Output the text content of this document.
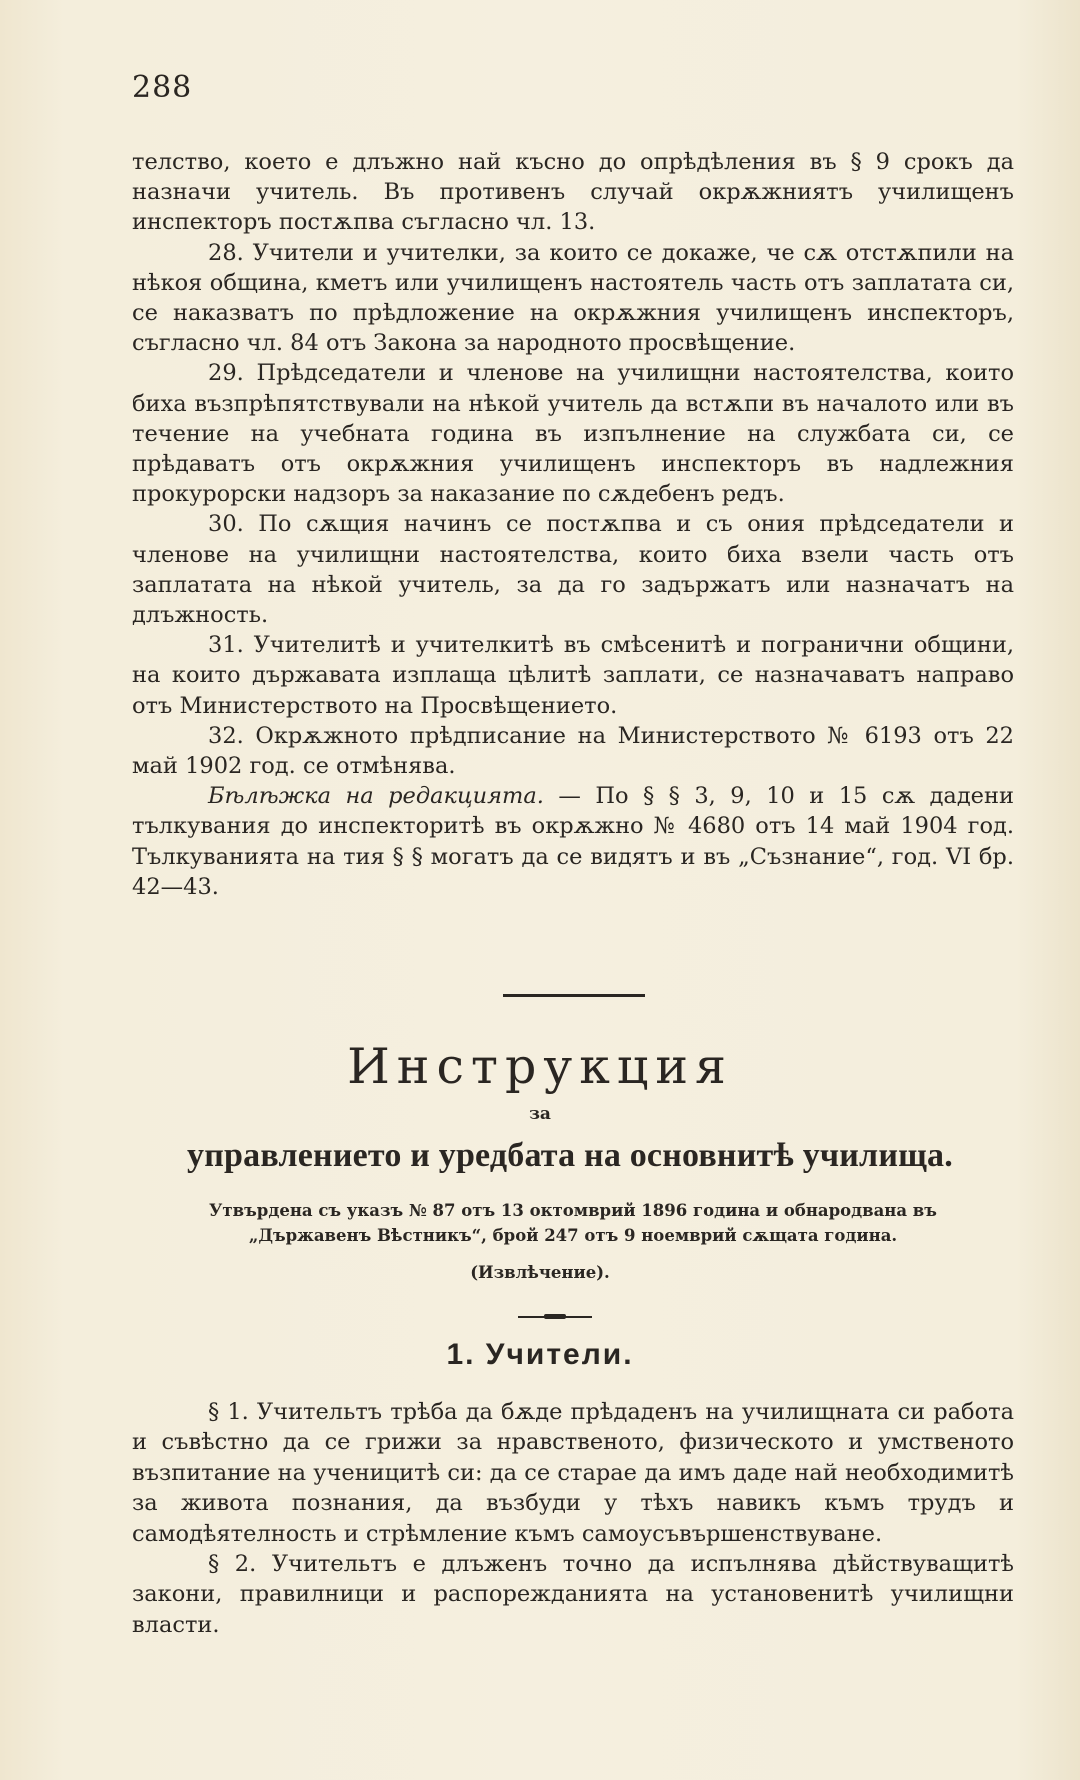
288

телство, което е длъжно най късно до опрѣдѣления въ § 9 срокъ да назначи учитель. Въ противенъ случай окрѫжниятъ училищенъ инспекторъ постѫпва съгласно чл. 13.

28. Учители и учителки, за които се докаже, че сѫ отстѫпили на нѣкоя община, кметъ или училищенъ настоятель часть отъ заплатата си, се наказватъ по прѣдложение на окрѫжния училищенъ инспекторъ, съгласно чл. 84 отъ Закона за народното просвѣщение.

29. Прѣдседатели и членове на училищни настоятелства, които биха възпрѣпятствували на нѣкой учитель да встѫпи въ началото или въ течение на учебната година въ изпълнение на службата си, се прѣдаватъ отъ окрѫжния училищенъ инспекторъ въ надлежния прокурорски надзоръ за наказание по сѫдебенъ редъ.

30. По сѫщия начинъ се постѫпва и съ ония прѣдседатели и членове на училищни настоятелства, които биха взели часть отъ заплатата на нѣкой учитель, за да го задържатъ или назначатъ на длъжность.

31. Учителитѣ и учителкитѣ въ смѣсенитѣ и погранични общини, на които държавата изплаща цѣлитѣ заплати, се назначаватъ направо отъ Министерството на Просвѣщението.

32. Окрѫжното прѣдписание на Министерството № 6193 отъ 22 май 1902 год. се отмѣнява.

Бѣлѣжка на редакцията. — По § § 3, 9, 10 и 15 сѫ дадени тълкувания до инспекторитѣ въ окрѫжно № 4680 отъ 14 май 1904 год. Тълкуванията на тия § § могатъ да се видятъ и въ „Съзнание“, год. VI бр. 42—43.

Инструкция
за
управлението и уредбата на основнитѣ училища.
Утвърдена съ указъ № 87 отъ 13 октомврий 1896 година и обнародвана въ
„Държавенъ Вѣстникъ“, брой 247 отъ 9 ноемврий сѫщата година.
(Извлѣчение).
1. Учители.

§ 1. Учительтъ трѣба да бѫде прѣдаденъ на училищната си работа и съвѣстно да се грижи за нравственото, физическото и умственото възпитание на ученицитѣ си: да се старае да имъ даде най необходимитѣ за живота познания, да възбуди у тѣхъ навикъ къмъ трудъ и самодѣятелность и стрѣмление къмъ самоусъвършенствуване.

§ 2. Учительтъ е длъженъ точно да испълнява дѣйствуващитѣ закони, правилници и распорежданията на установенитѣ училищни власти.
